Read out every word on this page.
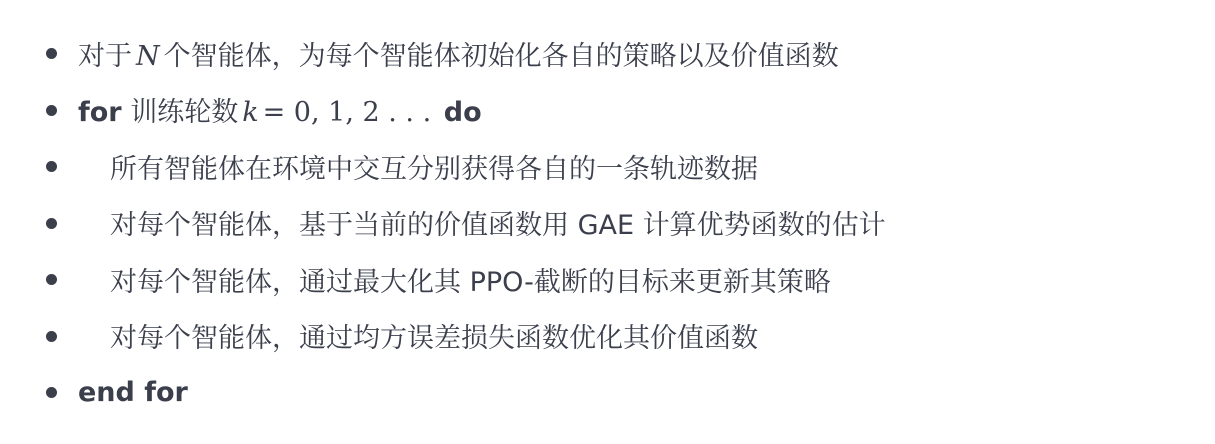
对于 N 个智能体，为每个智能体初始化各自的策略以及价值函数
for 训练轮数 k = 0, 1, 2 . . . do
所有智能体在环境中交互分别获得各自的一条轨迹数据
对每个智能体，基于当前的价值函数用 GAE 计算优势函数的估计
对每个智能体，通过最大化其 PPO-截断的目标来更新其策略
对每个智能体，通过均方误差损失函数优化其价值函数
end for
